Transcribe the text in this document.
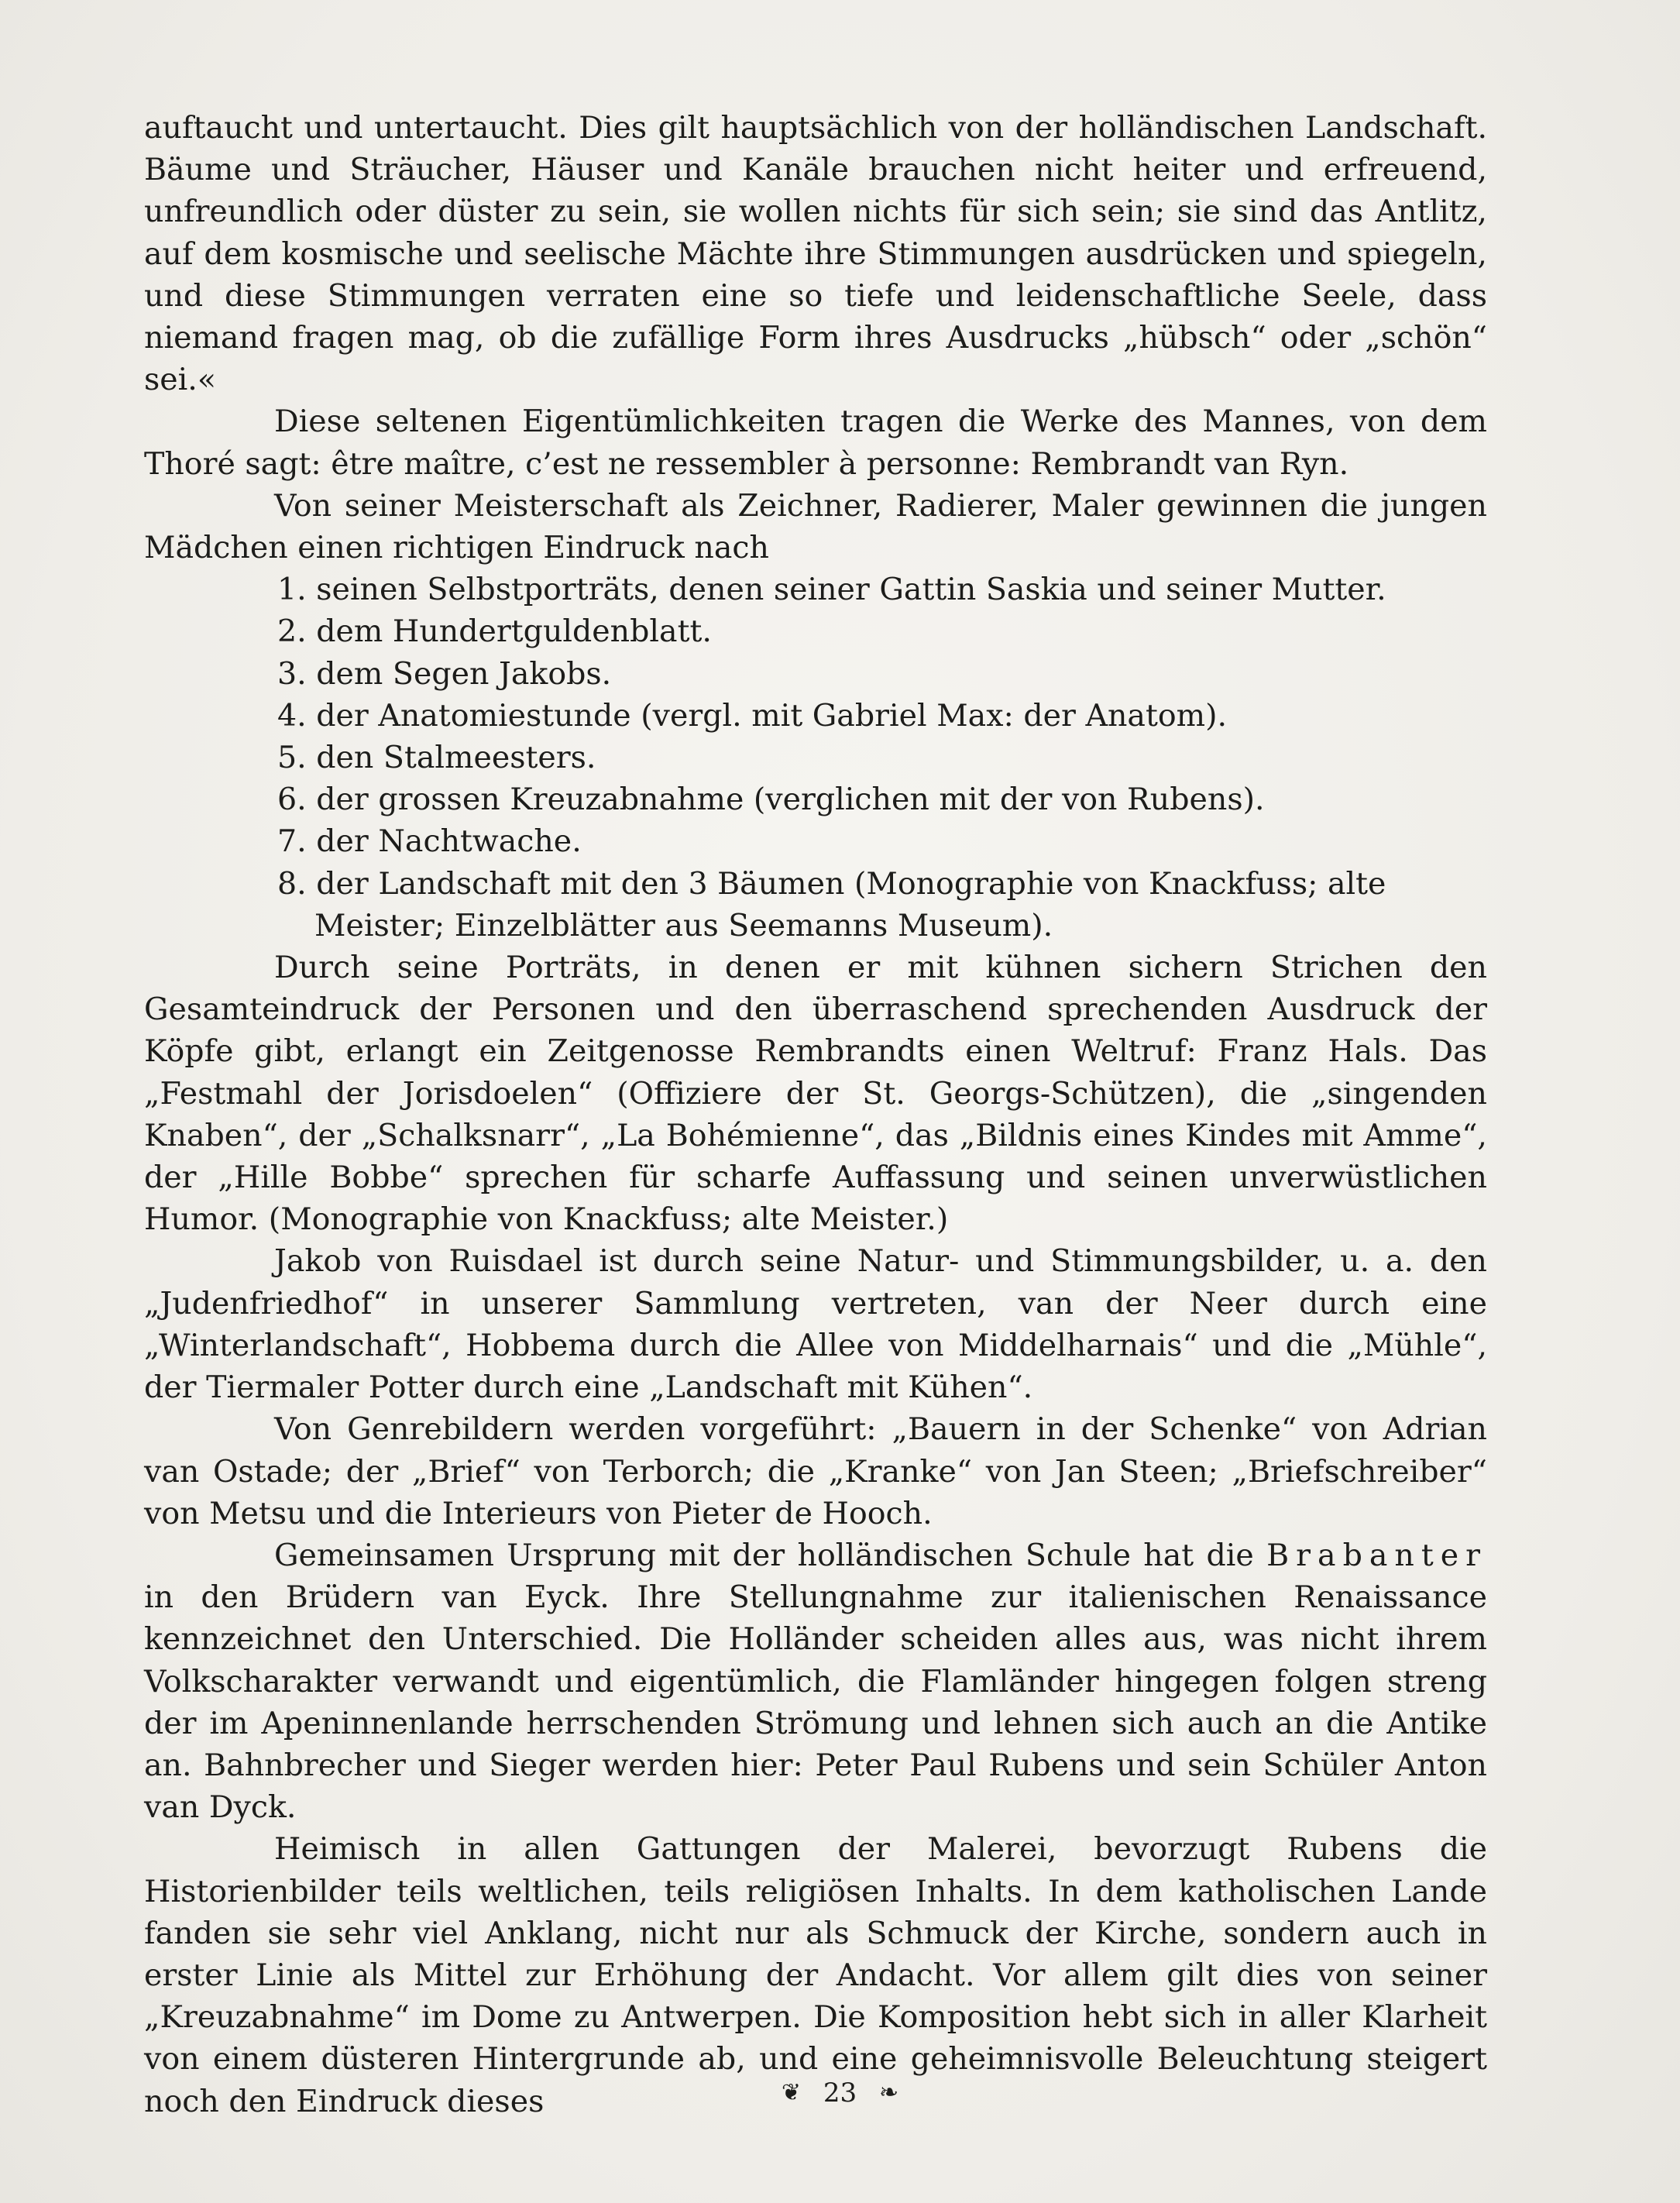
auftaucht und untertaucht. Dies gilt hauptsächlich von der holländischen Landschaft. Bäume und Sträucher, Häuser und Kanäle brauchen nicht heiter und erfreuend, unfreundlich oder düster zu sein, sie wollen nichts für sich sein; sie sind das Antlitz, auf dem kosmische und seelische Mächte ihre Stimmungen ausdrücken und spiegeln, und diese Stimmungen verraten eine so tiefe und leidenschaftliche Seele, dass niemand fragen mag, ob die zufällige Form ihres Ausdrucks „hübsch“ oder „schön“ sei.«

Diese seltenen Eigentümlichkeiten tragen die Werke des Mannes, von dem Thoré sagt: être maître, c’est ne ressembler à personne: Rembrandt van Ryn.

Von seiner Meisterschaft als Zeichner, Radierer, Maler gewinnen die jungen Mädchen einen richtigen Eindruck nach

1. seinen Selbstporträts, denen seiner Gattin Saskia und seiner Mutter.
2. dem Hundertguldenblatt.
3. dem Segen Jakobs.
4. der Anatomiestunde (vergl. mit Gabriel Max: der Anatom).
5. den Stalmeesters.
6. der grossen Kreuzabnahme (verglichen mit der von Rubens).
7. der Nachtwache.
8. der Landschaft mit den 3 Bäumen (Monographie von Knackfuss; alte Meister; Einzelblätter aus Seemanns Museum).

Durch seine Porträts, in denen er mit kühnen sichern Strichen den Gesamteindruck der Personen und den überraschend sprechenden Ausdruck der Köpfe gibt, erlangt ein Zeitgenosse Rembrandts einen Weltruf: Franz Hals. Das „Festmahl der Jorisdoelen“ (Offiziere der St. Georgs-Schützen), die „singenden Knaben“, der „Schalksnarr“, „La Bohémienne“, das „Bildnis eines Kindes mit Amme“, der „Hille Bobbe“ sprechen für scharfe Auffassung und seinen unverwüstlichen Humor. (Monographie von Knackfuss; alte Meister.)

Jakob von Ruisdael ist durch seine Natur- und Stimmungsbilder, u. a. den „Judenfriedhof“ in unserer Sammlung vertreten, van der Neer durch eine „Winterlandschaft“, Hobbema durch die Allee von Middelharnais“ und die „Mühle“, der Tiermaler Potter durch eine „Landschaft mit Kühen“.

Von Genrebildern werden vorgeführt: „Bauern in der Schenke“ von Adrian van Ostade; der „Brief“ von Terborch; die „Kranke“ von Jan Steen; „Briefschreiber“ von Metsu und die Interieurs von Pieter de Hooch.

Gemeinsamen Ursprung mit der holländischen Schule hat die Brabanter in den Brüdern van Eyck. Ihre Stellungnahme zur italienischen Renaissance kennzeichnet den Unterschied. Die Holländer scheiden alles aus, was nicht ihrem Volkscharakter verwandt und eigentümlich, die Flamländer hingegen folgen streng der im Apeninnenlande herrschenden Strömung und lehnen sich auch an die Antike an. Bahnbrecher und Sieger werden hier: Peter Paul Rubens und sein Schüler Anton van Dyck.

Heimisch in allen Gattungen der Malerei, bevorzugt Rubens die Historienbilder teils weltlichen, teils religiösen Inhalts. In dem katholischen Lande fanden sie sehr viel Anklang, nicht nur als Schmuck der Kirche, sondern auch in erster Linie als Mittel zur Erhöhung der Andacht. Vor allem gilt dies von seiner „Kreuzabnahme“ im Dome zu Antwerpen. Die Komposition hebt sich in aller Klarheit von einem düsteren Hintergrunde ab, und eine geheimnisvolle Beleuchtung steigert noch den Eindruck dieses	❦ 23 ❧
